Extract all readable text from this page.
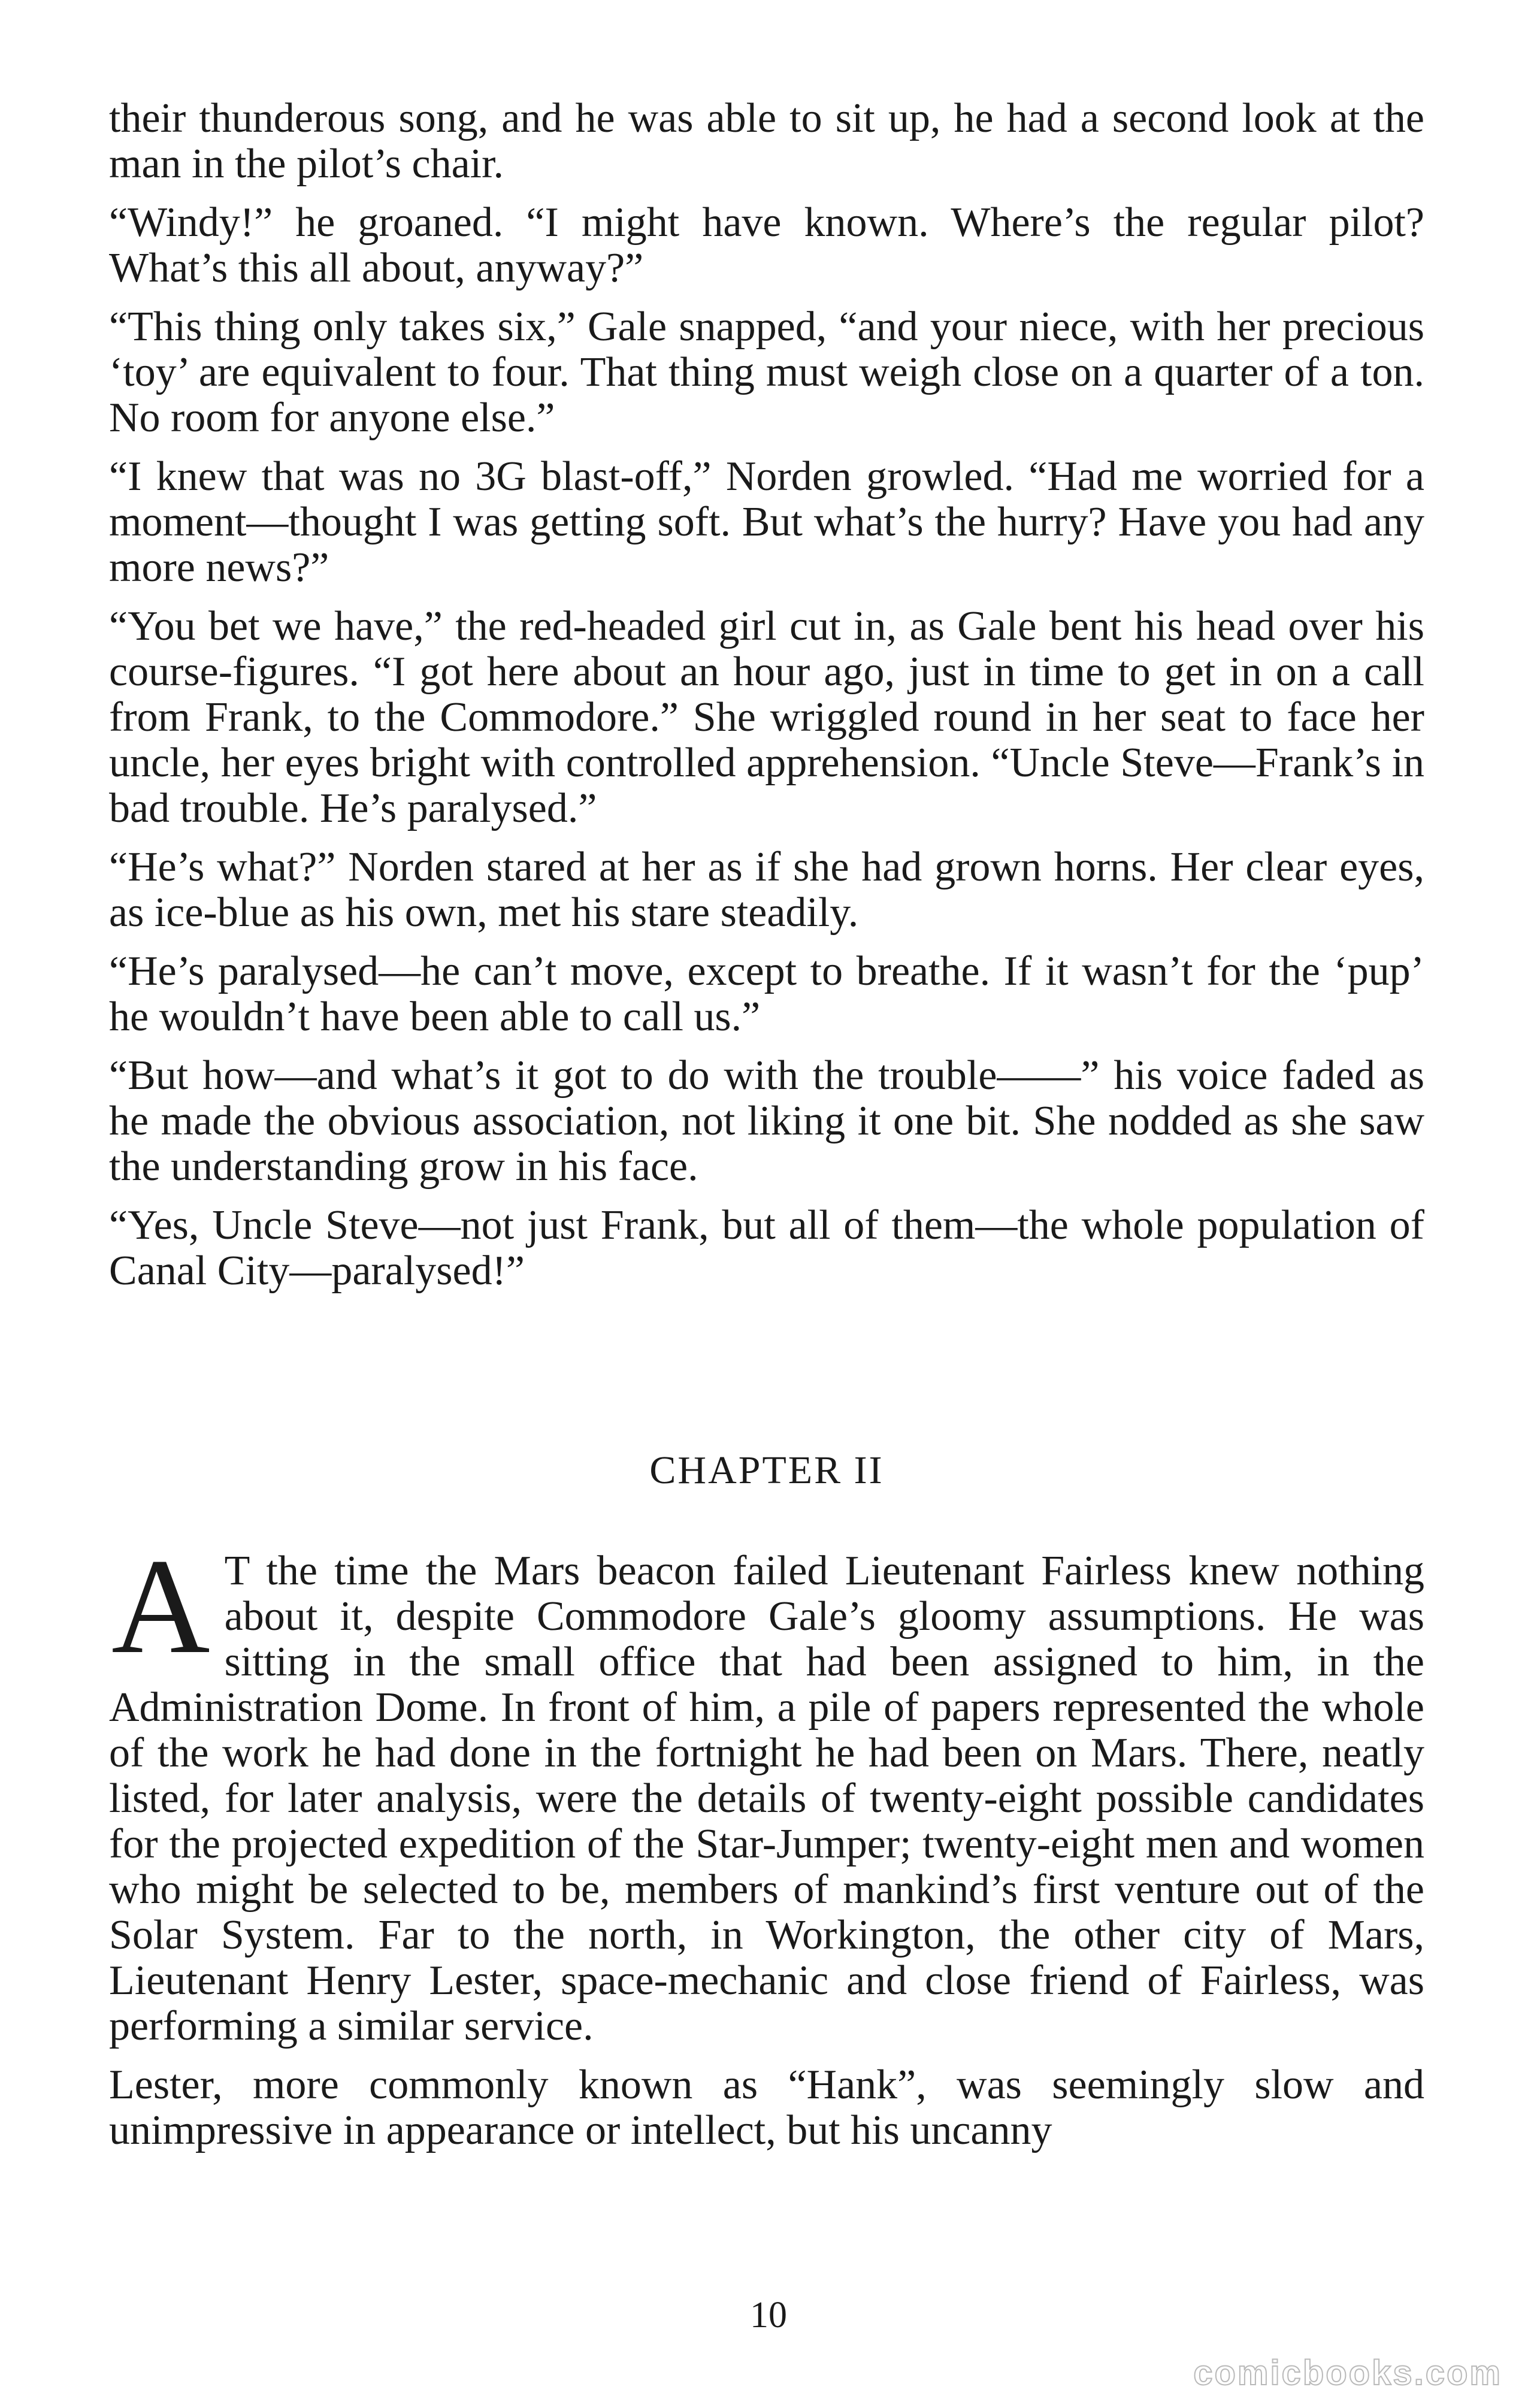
their thunderous song, and he was able to sit up, he had a second look at the man in the pilot’s chair.

“Windy!” he groaned. “I might have known. Where’s the regular pilot? What’s this all about, anyway?”

“This thing only takes six,” Gale snapped, “and your niece, with her precious ‘toy’ are equivalent to four. That thing must weigh close on a quarter of a ton. No room for anyone else.”

“I knew that was no 3G blast-off,” Norden growled. “Had me worried for a moment—thought I was getting soft. But what’s the hurry? Have you had any more news?”

“You bet we have,” the red-headed girl cut in, as Gale bent his head over his course-figures. “I got here about an hour ago, just in time to get in on a call from Frank, to the Commodore.” She wriggled round in her seat to face her uncle, her eyes bright with controlled apprehension. “Uncle Steve—Frank’s in bad trouble. He’s paralysed.”

“He’s what?” Norden stared at her as if she had grown horns. Her clear eyes, as ice-blue as his own, met his stare steadily.

“He’s paralysed—he can’t move, except to breathe. If it wasn’t for the ‘pup’ he wouldn’t have been able to call us.”

“But how—and what’s it got to do with the trouble——” his voice faded as he made the obvious association, not liking it one bit. She nodded as she saw the understanding grow in his face.

“Yes, Uncle Steve—not just Frank, but all of them—the whole population of Canal City—paralysed!”

CHAPTER II

A T the time the Mars beacon failed Lieutenant Fairless knew nothing about it, despite Commodore Gale’s gloomy assumptions. He was sitting in the small office that had been assigned to him, in the Administration Dome. In front of him, a pile of papers represented the whole of the work he had done in the fortnight he had been on Mars. There, neatly listed, for later analysis, were the details of twenty-eight possible candidates for the projected expedition of the Star-Jumper; twenty-eight men and women who might be selected to be, members of mankind’s first venture out of the Solar System. Far to the north, in Workington, the other city of Mars, Lieutenant Henry Lester, space-mechanic and close friend of Fairless, was performing a similar service.

Lester, more commonly known as “Hank”, was seemingly slow and unimpressive in appearance or intellect, but his uncanny

10
comicbooks.com
